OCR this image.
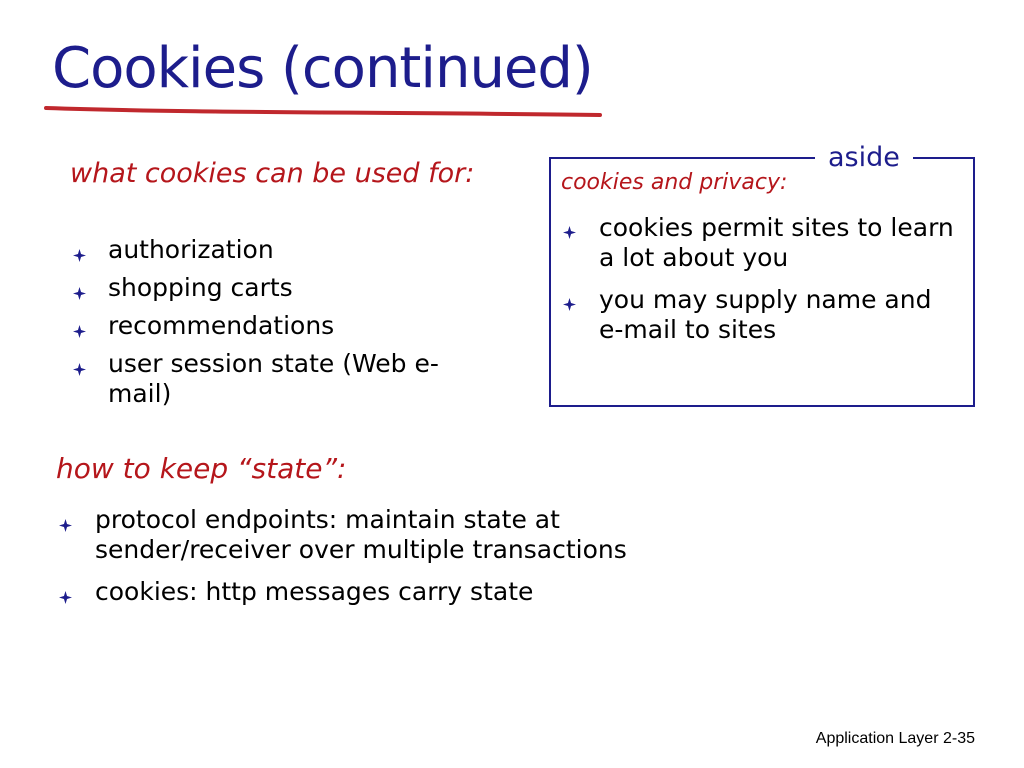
Cookies (continued)
what cookies can be used for:
authorization
shopping carts
recommendations
user session state (Web e-mail)
how to keep “state”:
protocol endpoints: maintain state at sender/receiver over multiple transactions
cookies: http messages carry state
aside
cookies and privacy:
cookies permit sites to learn a lot about you
you may supply name and e-mail to sites
Application Layer 2-35
